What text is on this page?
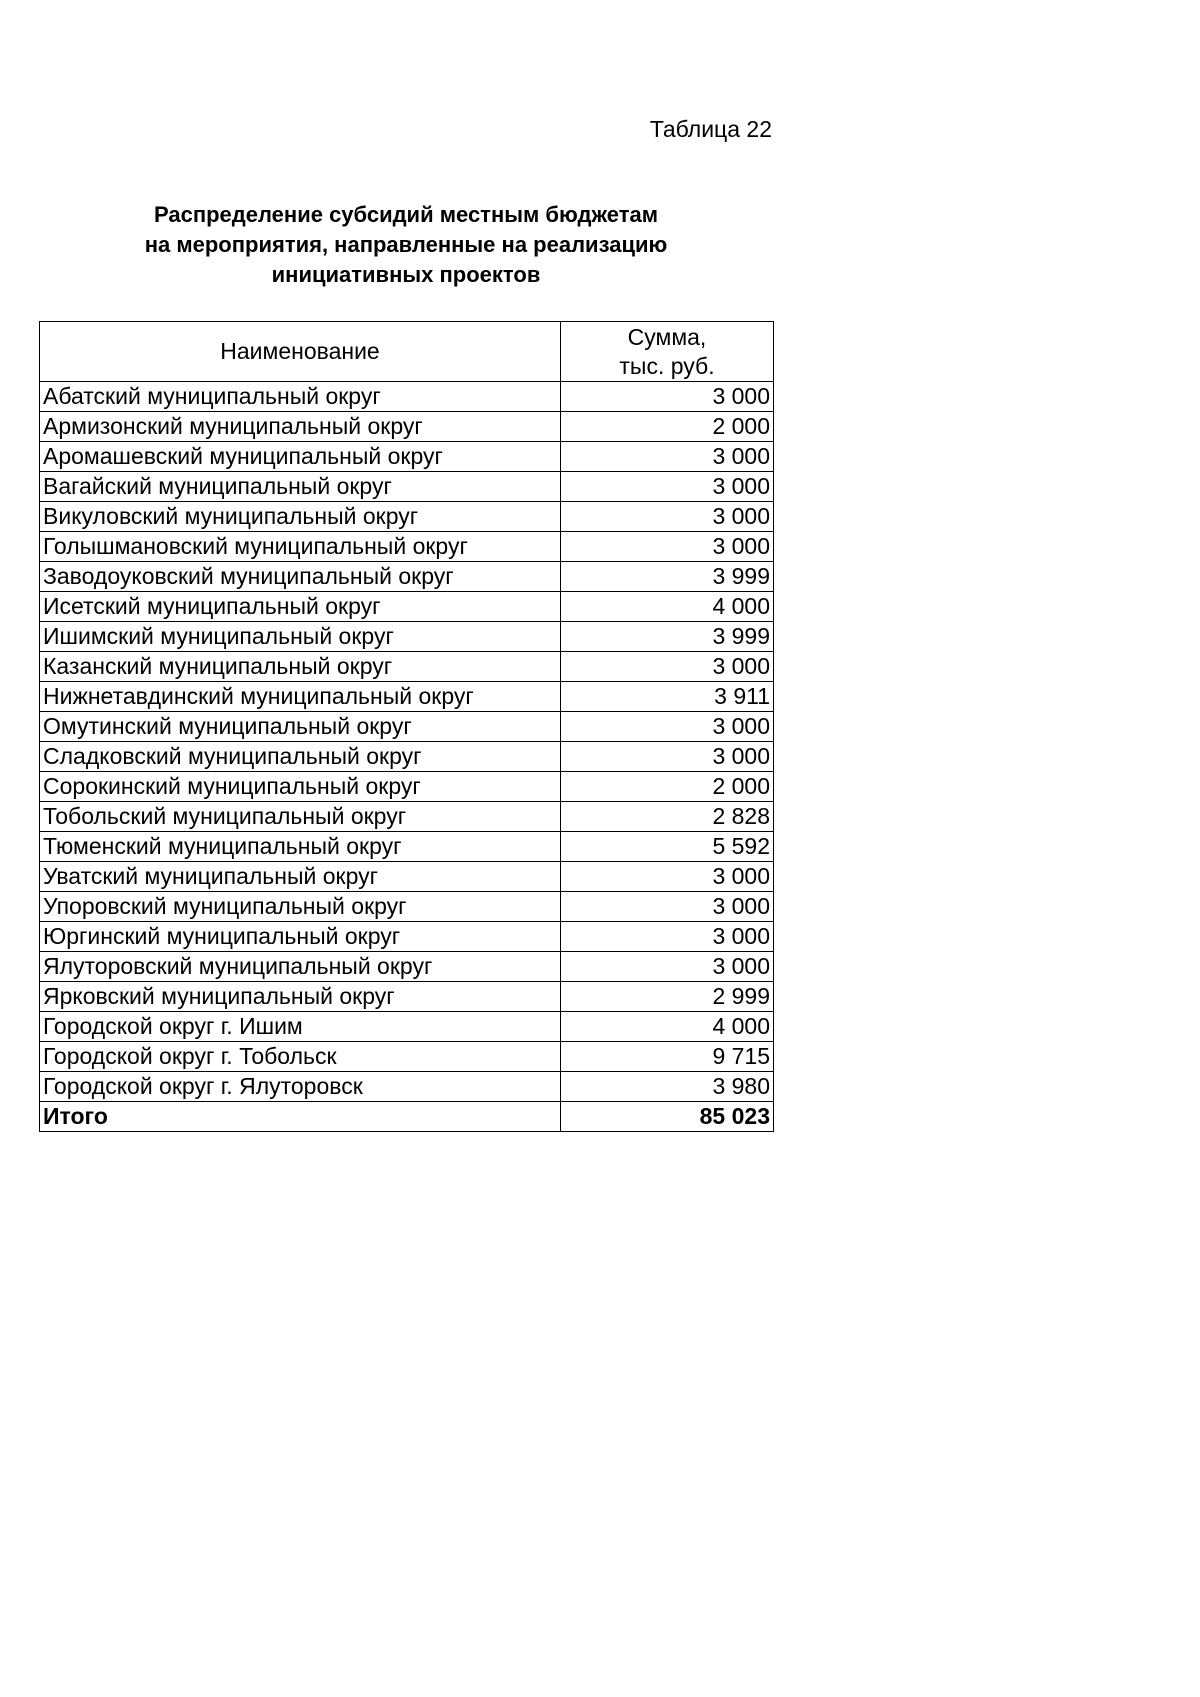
Таблица 22
Распределение субсидий местным бюджетам
на мероприятия, направленные на реализацию
инициативных проектов
Наименование	Сумма,
тыс. руб.

Абатский муниципальный округ	3 000
Армизонский муниципальный округ	2 000
Аромашевский муниципальный округ	3 000
Вагайский муниципальный округ	3 000
Викуловский муниципальный округ	3 000
Голышмановский муниципальный округ	3 000
Заводоуковский муниципальный округ	3 999
Исетский муниципальный округ	4 000
Ишимский муниципальный округ	3 999
Казанский муниципальный округ	3 000
Нижнетавдинский муниципальный округ	3 911
Омутинский муниципальный округ	3 000
Сладковский муниципальный округ	3 000
Сорокинский муниципальный округ	2 000
Тобольский муниципальный округ	2 828
Тюменский муниципальный округ	5 592
Уватский муниципальный округ	3 000
Упоровский муниципальный округ	3 000
Юргинский муниципальный округ	3 000
Ялуторовский муниципальный округ	3 000
Ярковский муниципальный округ	2 999
Городской округ г. Ишим	4 000
Городской округ г. Тобольск	9 715
Городской округ г. Ялуторовск	3 980
Итого	85 023
